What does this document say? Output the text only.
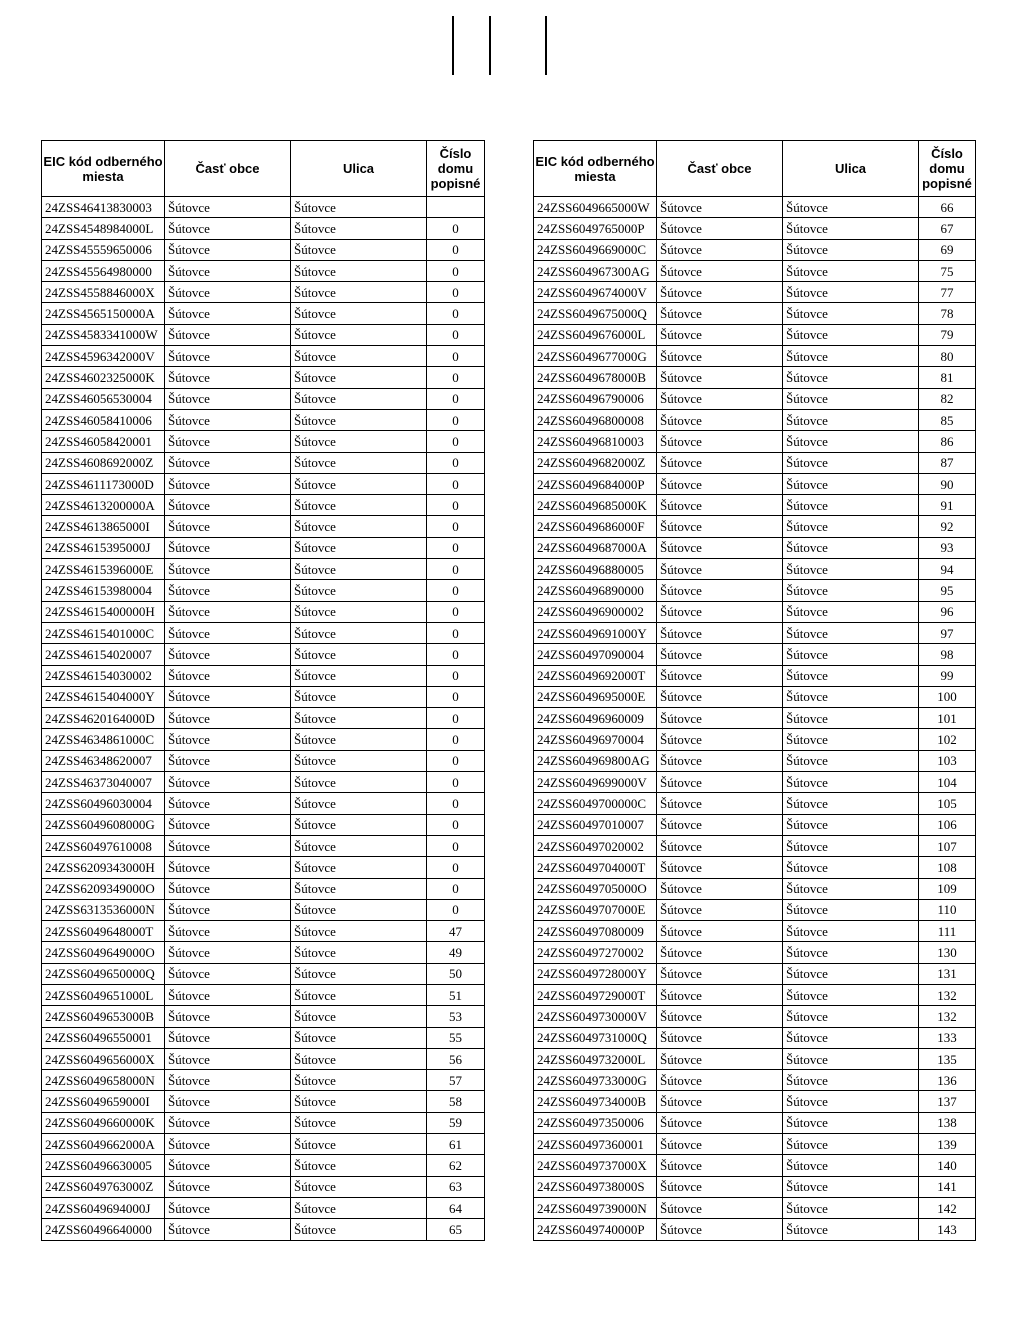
EIC kód odberného miesta	Časť obce	Ulica	Číslo domu popisné
24ZSS46413830003	Šútovce	Šútovce	
24ZSS4548984000L	Šútovce	Šútovce	0
24ZSS45559650006	Šútovce	Šútovce	0
24ZSS45564980000	Šútovce	Šútovce	0
24ZSS4558846000X	Šútovce	Šútovce	0
24ZSS4565150000A	Šútovce	Šútovce	0
24ZSS4583341000W	Šútovce	Šútovce	0
24ZSS4596342000V	Šútovce	Šútovce	0
24ZSS4602325000K	Šútovce	Šútovce	0
24ZSS46056530004	Šútovce	Šútovce	0
24ZSS46058410006	Šútovce	Šútovce	0
24ZSS46058420001	Šútovce	Šútovce	0
24ZSS4608692000Z	Šútovce	Šútovce	0
24ZSS4611173000D	Šútovce	Šútovce	0
24ZSS4613200000A	Šútovce	Šútovce	0
24ZSS4613865000I	Šútovce	Šútovce	0
24ZSS4615395000J	Šútovce	Šútovce	0
24ZSS4615396000E	Šútovce	Šútovce	0
24ZSS46153980004	Šútovce	Šútovce	0
24ZSS4615400000H	Šútovce	Šútovce	0
24ZSS4615401000C	Šútovce	Šútovce	0
24ZSS46154020007	Šútovce	Šútovce	0
24ZSS46154030002	Šútovce	Šútovce	0
24ZSS4615404000Y	Šútovce	Šútovce	0
24ZSS4620164000D	Šútovce	Šútovce	0
24ZSS4634861000C	Šútovce	Šútovce	0
24ZSS46348620007	Šútovce	Šútovce	0
24ZSS46373040007	Šútovce	Šútovce	0
24ZSS60496030004	Šútovce	Šútovce	0
24ZSS6049608000G	Šútovce	Šútovce	0
24ZSS60497610008	Šútovce	Šútovce	0
24ZSS6209343000H	Šútovce	Šútovce	0
24ZSS6209349000O	Šútovce	Šútovce	0
24ZSS6313536000N	Šútovce	Šútovce	0
24ZSS6049648000T	Šútovce	Šútovce	47
24ZSS6049649000O	Šútovce	Šútovce	49
24ZSS6049650000Q	Šútovce	Šútovce	50
24ZSS6049651000L	Šútovce	Šútovce	51
24ZSS6049653000B	Šútovce	Šútovce	53
24ZSS60496550001	Šútovce	Šútovce	55
24ZSS6049656000X	Šútovce	Šútovce	56
24ZSS6049658000N	Šútovce	Šútovce	57
24ZSS6049659000I	Šútovce	Šútovce	58
24ZSS6049660000K	Šútovce	Šútovce	59
24ZSS6049662000A	Šútovce	Šútovce	61
24ZSS60496630005	Šútovce	Šútovce	62
24ZSS6049763000Z	Šútovce	Šútovce	63
24ZSS6049694000J	Šútovce	Šútovce	64
24ZSS60496640000	Šútovce	Šútovce	65
EIC kód odberného miesta	Časť obce	Ulica	Číslo domu popisné
24ZSS6049665000W	Šútovce	Šútovce	66
24ZSS6049765000P	Šútovce	Šútovce	67
24ZSS6049669000C	Šútovce	Šútovce	69
24ZSS604967300AG	Šútovce	Šútovce	75
24ZSS6049674000V	Šútovce	Šútovce	77
24ZSS6049675000Q	Šútovce	Šútovce	78
24ZSS6049676000L	Šútovce	Šútovce	79
24ZSS6049677000G	Šútovce	Šútovce	80
24ZSS6049678000B	Šútovce	Šútovce	81
24ZSS60496790006	Šútovce	Šútovce	82
24ZSS60496800008	Šútovce	Šútovce	85
24ZSS60496810003	Šútovce	Šútovce	86
24ZSS6049682000Z	Šútovce	Šútovce	87
24ZSS6049684000P	Šútovce	Šútovce	90
24ZSS6049685000K	Šútovce	Šútovce	91
24ZSS6049686000F	Šútovce	Šútovce	92
24ZSS6049687000A	Šútovce	Šútovce	93
24ZSS60496880005	Šútovce	Šútovce	94
24ZSS60496890000	Šútovce	Šútovce	95
24ZSS60496900002	Šútovce	Šútovce	96
24ZSS6049691000Y	Šútovce	Šútovce	97
24ZSS60497090004	Šútovce	Šútovce	98
24ZSS6049692000T	Šútovce	Šútovce	99
24ZSS6049695000E	Šútovce	Šútovce	100
24ZSS60496960009	Šútovce	Šútovce	101
24ZSS60496970004	Šútovce	Šútovce	102
24ZSS604969800AG	Šútovce	Šútovce	103
24ZSS6049699000V	Šútovce	Šútovce	104
24ZSS6049700000C	Šútovce	Šútovce	105
24ZSS60497010007	Šútovce	Šútovce	106
24ZSS60497020002	Šútovce	Šútovce	107
24ZSS6049704000T	Šútovce	Šútovce	108
24ZSS6049705000O	Šútovce	Šútovce	109
24ZSS6049707000E	Šútovce	Šútovce	110
24ZSS60497080009	Šútovce	Šútovce	111
24ZSS60497270002	Šútovce	Šútovce	130
24ZSS6049728000Y	Šútovce	Šútovce	131
24ZSS6049729000T	Šútovce	Šútovce	132
24ZSS6049730000V	Šútovce	Šútovce	132
24ZSS6049731000Q	Šútovce	Šútovce	133
24ZSS6049732000L	Šútovce	Šútovce	135
24ZSS6049733000G	Šútovce	Šútovce	136
24ZSS6049734000B	Šútovce	Šútovce	137
24ZSS60497350006	Šútovce	Šútovce	138
24ZSS60497360001	Šútovce	Šútovce	139
24ZSS6049737000X	Šútovce	Šútovce	140
24ZSS6049738000S	Šútovce	Šútovce	141
24ZSS6049739000N	Šútovce	Šútovce	142
24ZSS6049740000P	Šútovce	Šútovce	143
